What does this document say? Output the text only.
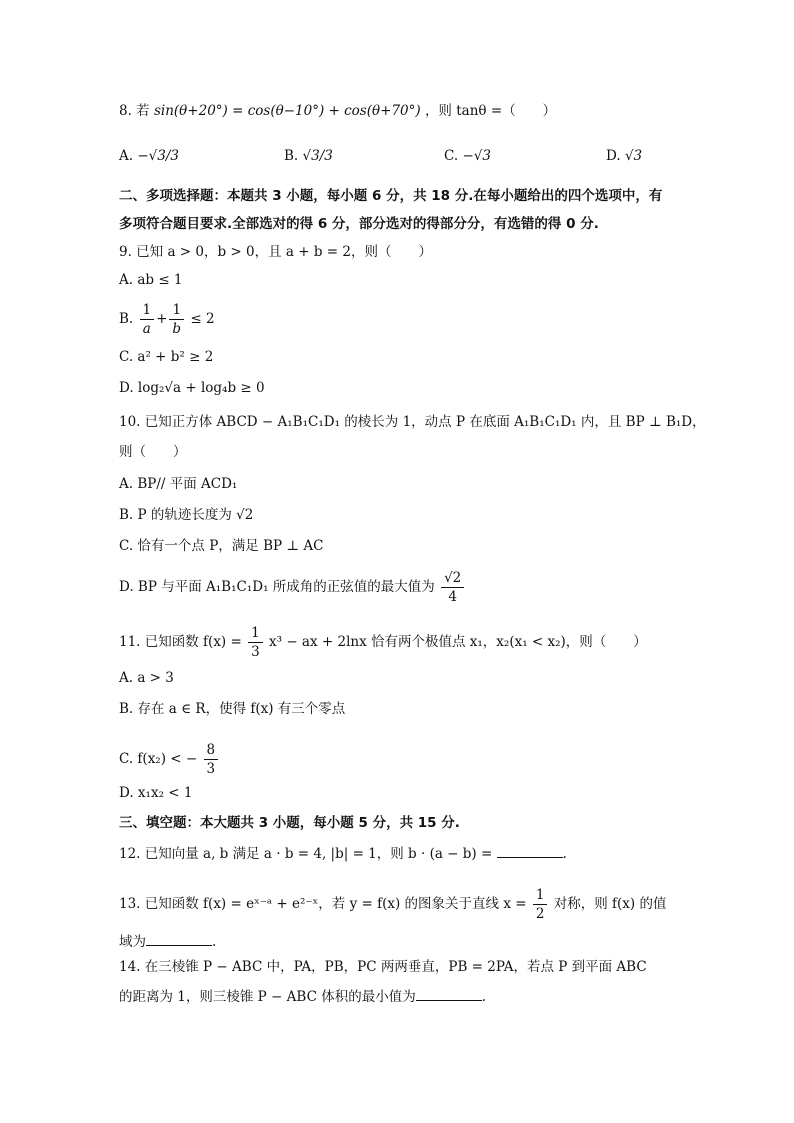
8. 若 sin(θ+20°) = cos(θ−10°) + cos(θ+70°) ，则 tanθ =（　　）
A. −√3/3	B. √3/3	C. −√3	D. √3
二、多项选择题：本题共 3 小题，每小题 6 分，共 18 分.在每小题给出的四个选项中，有
多项符合题目要求.全部选对的得 6 分，部分选对的得部分分，有选错的得 0 分.
9. 已知 a > 0，b > 0，且 a + b = 2，则（　　）
A. ab ≤ 1
B. $\frac{1}{a} + \frac{1}{b} \le 2$
C. a² + b² ≥ 2
D. log₂√a + log₄b ≥ 0
10. 已知正方体 ABCD − A₁B₁C₁D₁ 的棱长为 1，动点 P 在底面 A₁B₁C₁D₁ 内，且 BP ⊥ B₁D，
则（　　）
A. BP// 平面 ACD₁
B. P 的轨迹长度为 √2
C. 恰有一个点 P，满足 BP ⊥ AC
D. BP 与平面 A₁B₁C₁D₁ 所成角的正弦值的最大值为 $\frac{√2}{4}$
11. 已知函数 $f(x) = \frac{1}{3} x^3$ − ax + 2lnx 恰有两个极值点 x₁，x₂(x₁ < x₂)，则（　　）
A. a > 3
B. 存在 a ∈ R，使得 f(x) 有三个零点
C. f(x₂) < − $\frac{8}{3}$
D. x₁x₂ < 1
三、填空题：本大题共 3 小题，每小题 5 分，共 15 分.
12. 已知向量 a, b 满足 a · b = 4, |b| = 1，则 b · (a − b) =	.
13. 已知函数 f(x) = eˣ⁻ᵃ + e²⁻ˣ，若 y = f(x) 的图象关于直线 $x = \frac{1}{2}$ 对称，则 f(x) 的值
域为	.
14. 在三棱锥 P − ABC 中，PA，PB，PC 两两垂直，PB = 2PA，若点 P 到平面 ABC
的距离为 1，则三棱锥 P − ABC 体积的最小值为	.
